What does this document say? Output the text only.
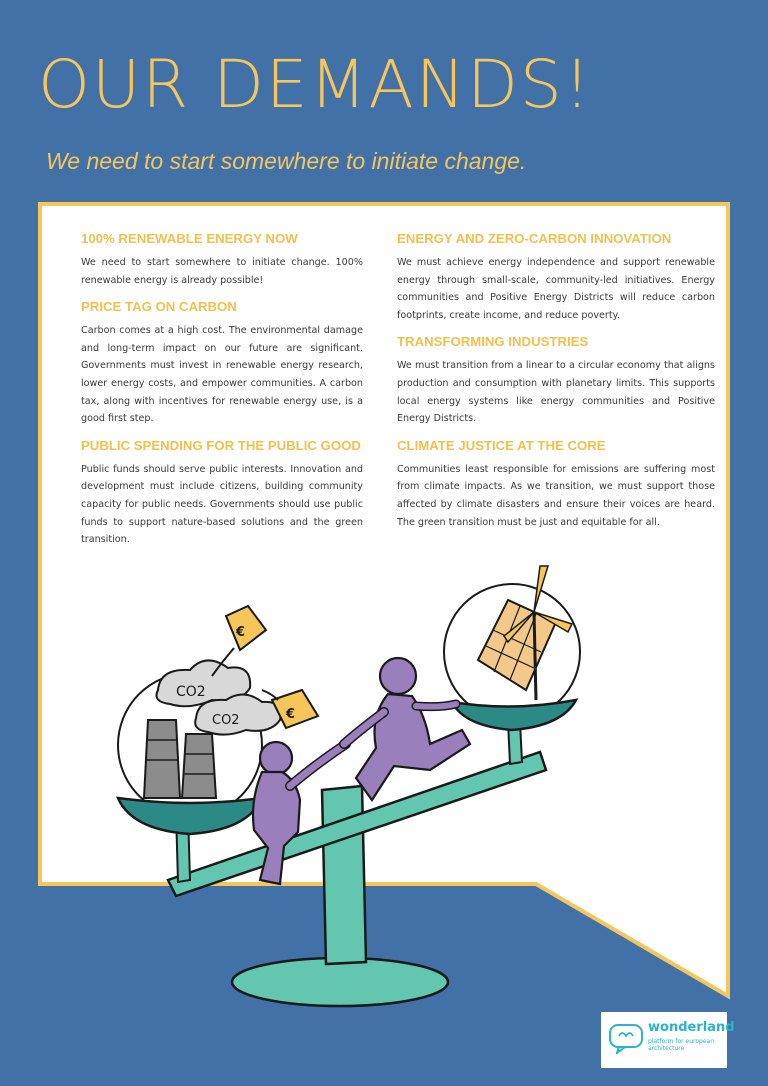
OUR DEMANDS!

We need to start somewhere to initiate change.

100% RENEWABLE ENERGY NOW

We need to start somewhere to initiate change. 100% renewable energy is already possible!

PRICE TAG ON CARBON

Carbon comes at a high cost. The environmental damage and long-term impact on our future are significant. Governments must invest in renewable energy research, lower energy costs, and empower communities. A carbon tax, along with incentives for renewable energy use, is a good first step.

PUBLIC SPENDING FOR THE PUBLIC GOOD

Public funds should serve public interests. Innovation and development must include citizens, building community capacity for public needs. Governments should use public funds to support nature-based solutions and the green transition.

ENERGY AND ZERO-CARBON INNOVATION

We must achieve energy independence and support renewable energy through small-scale, community-led initiatives. Energy communities and Positive Energy Districts will reduce carbon footprints, create income, and reduce poverty.

TRANSFORMING INDUSTRIES

We must transition from a linear to a circular economy that aligns production and consumption with planetary limits. This supports local energy systems like energy communities and Positive Energy Districts.

CLIMATE JUSTICE AT THE CORE

Communities least responsible for emissions are suffering most from climate impacts. As we transition, we must support those affected by climate disasters and ensure their voices are heard. The green transition must be just and equitable for all.

CO2
CO2
€
€
wonderland
platform for european architecture
